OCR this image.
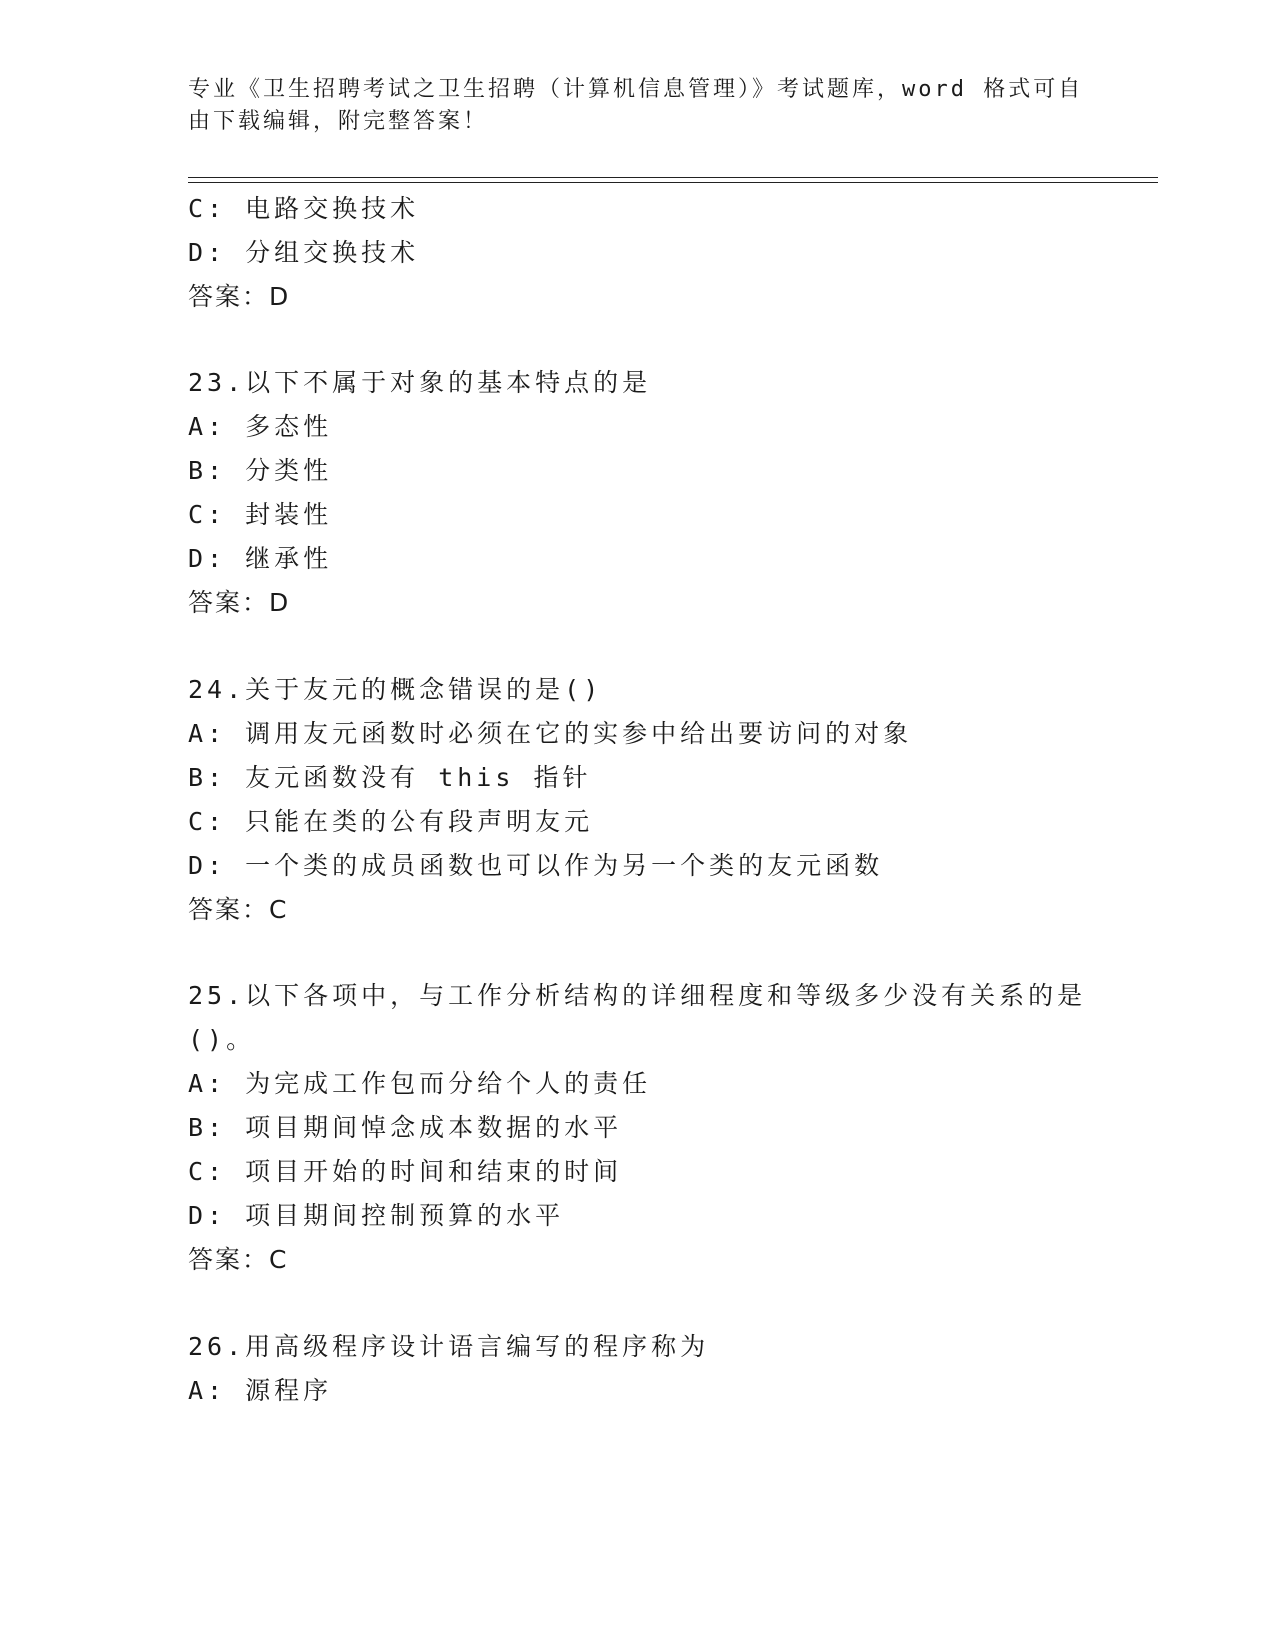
专业《卫生招聘考试之卫生招聘（计算机信息管理）》考试题库，word 格式可自
由下载编辑，附完整答案！
C: 电路交换技术
D: 分组交换技术
答案：D
23.以下不属于对象的基本特点的是
A: 多态性
B: 分类性
C: 封装性
D: 继承性
答案：D
24.关于友元的概念错误的是()
A: 调用友元函数时必须在它的实参中给出要访问的对象
B: 友元函数没有 this 指针
C: 只能在类的公有段声明友元
D: 一个类的成员函数也可以作为另一个类的友元函数
答案：C
25.以下各项中，与工作分析结构的详细程度和等级多少没有关系的是
()。
A: 为完成工作包而分给个人的责任
B: 项目期间悼念成本数据的水平
C: 项目开始的时间和结束的时间
D: 项目期间控制预算的水平
答案：C
26.用高级程序设计语言编写的程序称为
A: 源程序
